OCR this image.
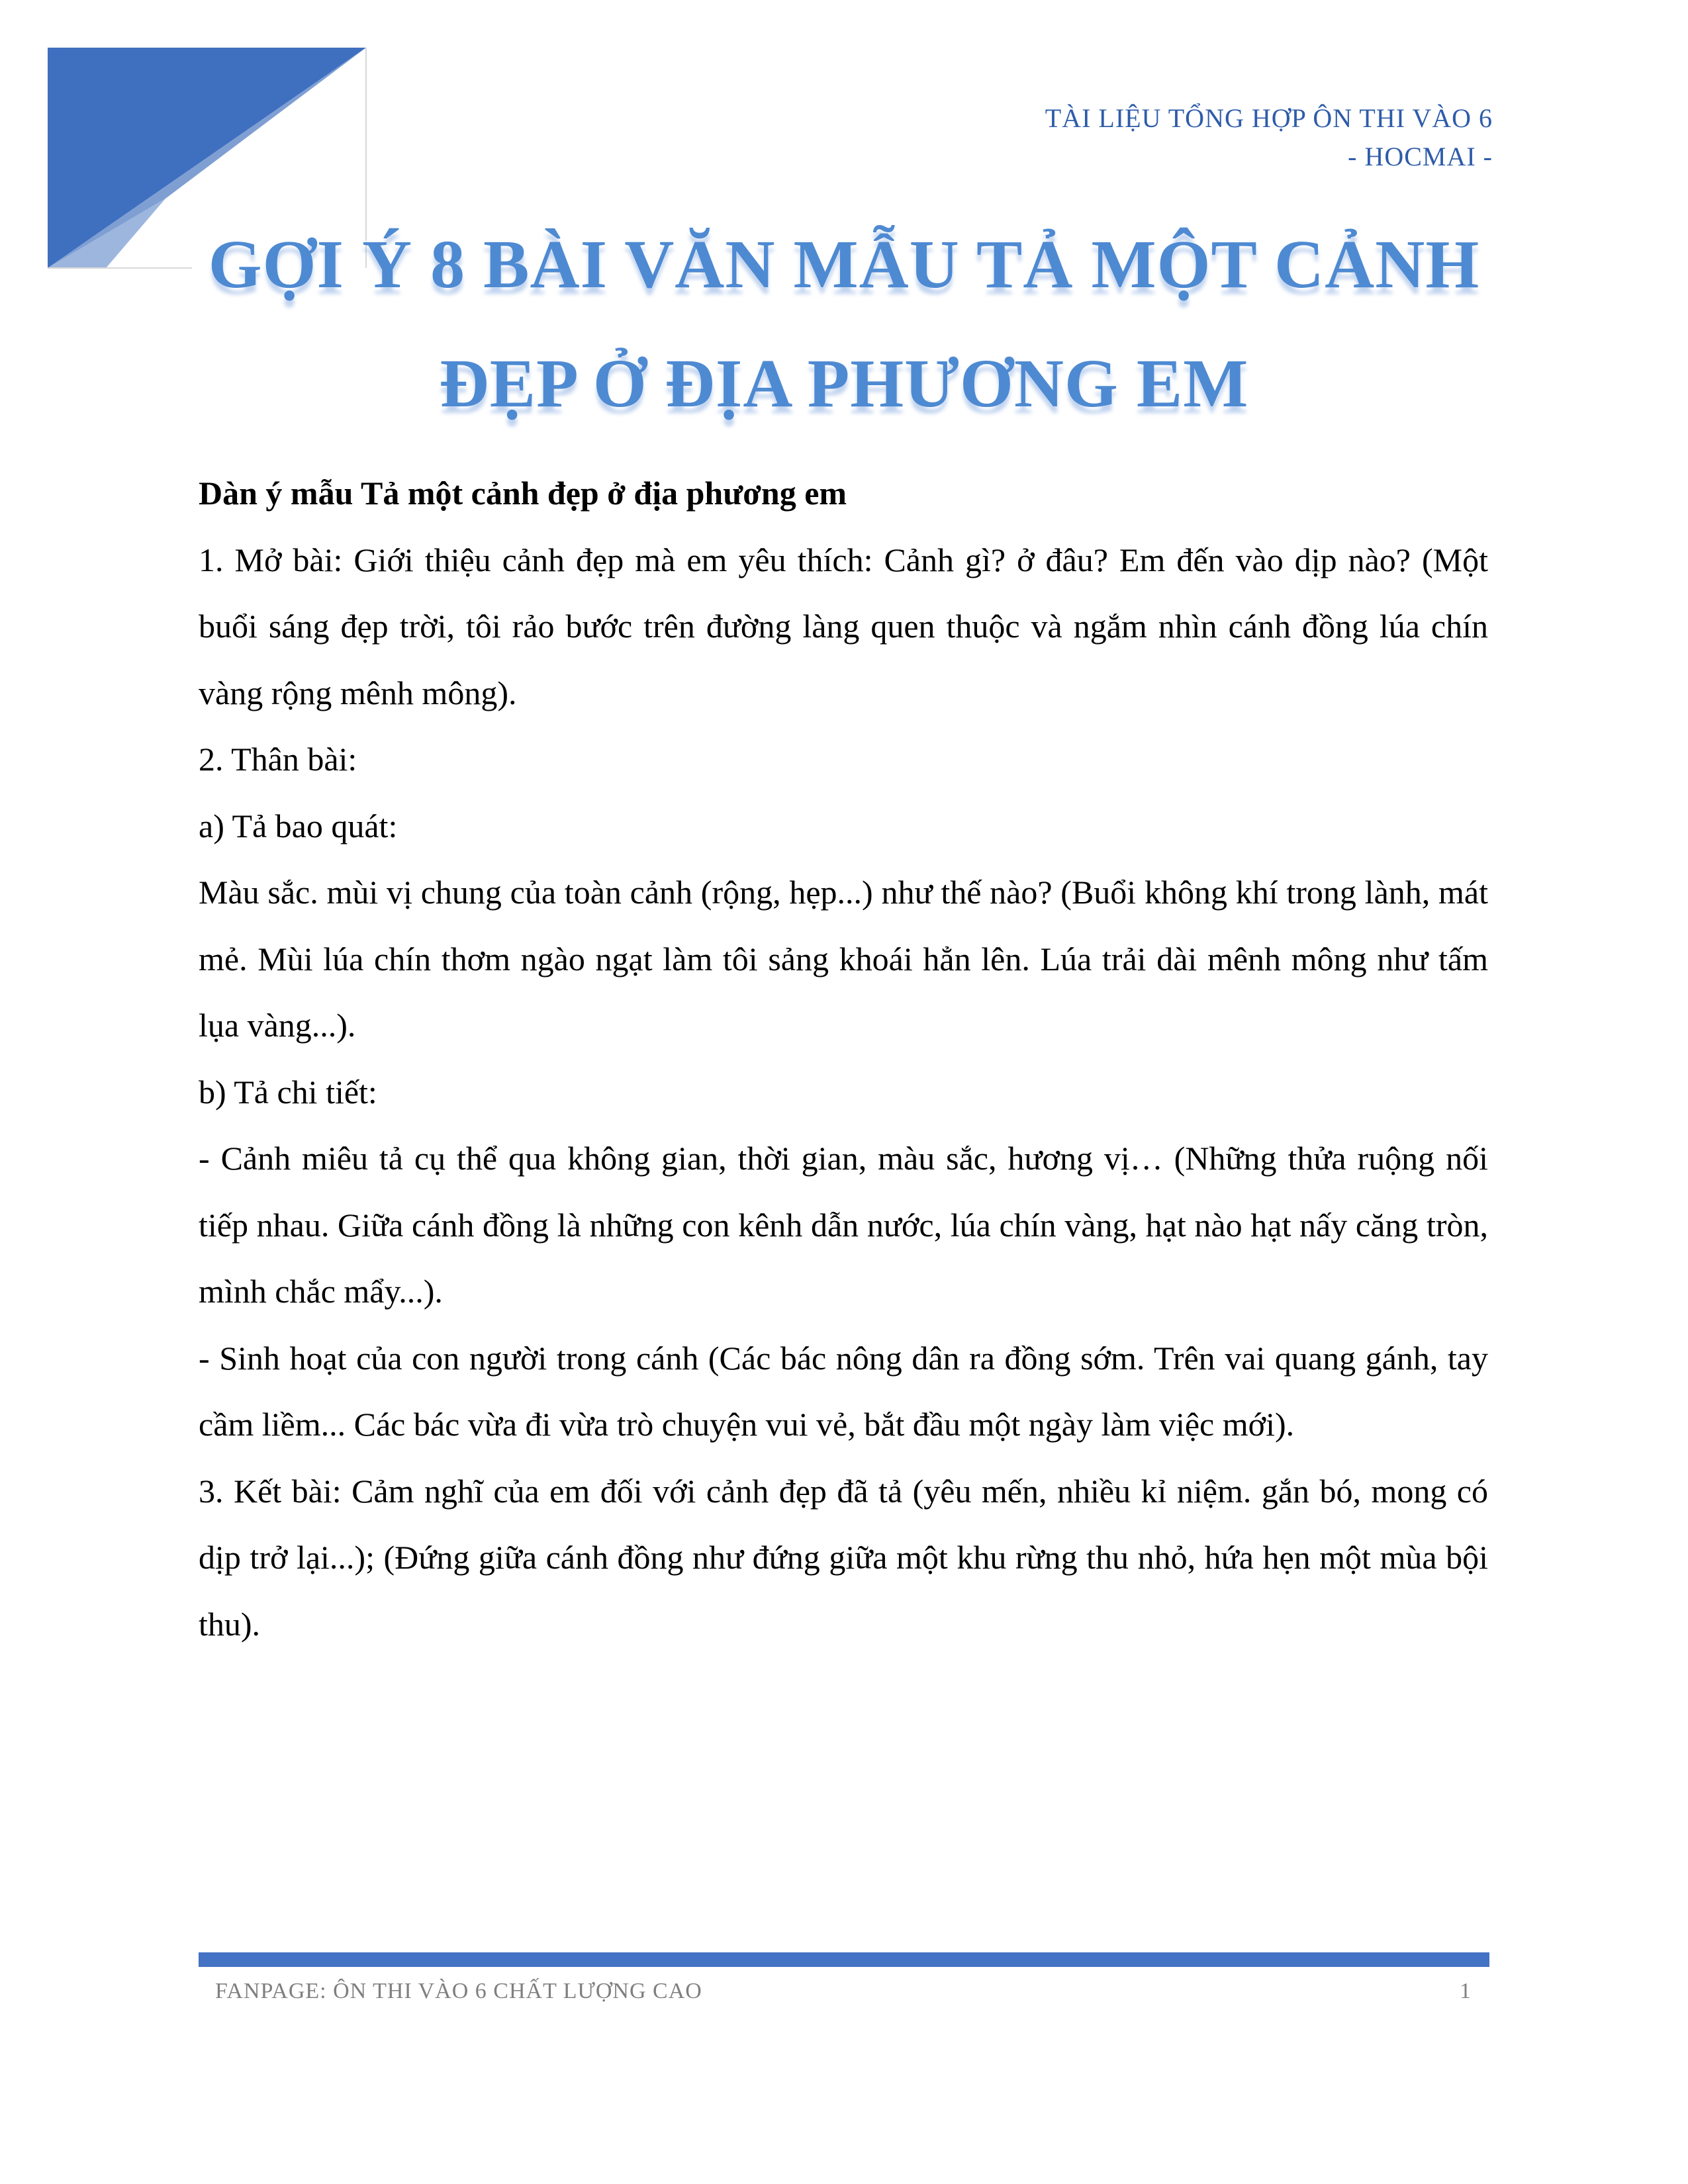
TÀI LIỆU TỔNG HỢP ÔN THI VÀO 6
- HOCMAI -
GỢI Ý 8 BÀI VĂN MẪU TẢ MỘT CẢNH
ĐẸP Ở ĐỊA PHƯƠNG EM

Dàn ý mẫu Tả một cảnh đẹp ở địa phương em

1. Mở bài: Giới thiệu cảnh đẹp mà em yêu thích: Cảnh gì? ở đâu? Em đến vào dịp nào? (Một buổi sáng đẹp trời, tôi rảo bước trên đường làng quen thuộc và ngắm nhìn cánh đồng lúa chín vàng rộng mênh mông).

2. Thân bài:

a) Tả bao quát:

Màu sắc. mùi vị chung của toàn cảnh (rộng, hẹp...) như thế nào? (Buổi không khí trong lành, mát mẻ. Mùi lúa chín thơm ngào ngạt làm tôi sảng khoái hẳn lên. Lúa trải dài mênh mông như tấm lụa vàng...).

b) Tả chi tiết:

- Cảnh miêu tả cụ thể qua không gian, thời gian, màu sắc, hương vị… (Những thửa ruộng nối tiếp nhau. Giữa cánh đồng là những con kênh dẫn nước, lúa chín vàng, hạt nào hạt nấy căng tròn, mình chắc mẩy...).

- Sinh hoạt của con người trong cánh (Các bác nông dân ra đồng sớm. Trên vai quang gánh, tay cầm liềm... Các bác vừa đi vừa trò chuyện vui vẻ, bắt đầu một ngày làm việc mới).

3. Kết bài: Cảm nghĩ của em đối với cảnh đẹp đã tả (yêu mến, nhiều kỉ niệm. gắn bó, mong có dịp trở lại...); (Đứng giữa cánh đồng như đứng giữa một khu rừng thu nhỏ, hứa hẹn một mùa bội thu).

FANPAGE: ÔN THI VÀO 6 CHẤT LƯỢNG CAO	1
